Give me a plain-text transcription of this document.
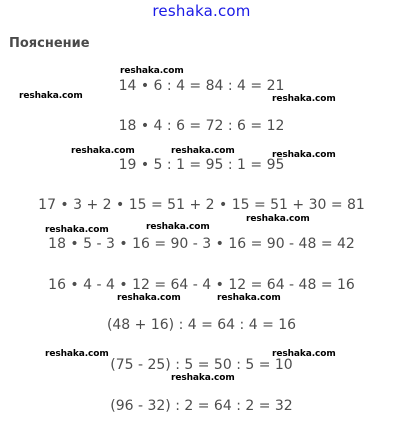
reshaka.com
Пояснение
14 • 6 : 4 = 84 : 4 = 21
18 • 4 : 6 = 72 : 6 = 12
19 • 5 : 1 = 95 : 1 = 95
17 • 3 + 2 • 15 = 51 + 2 • 15 = 51 + 30 = 81
18 • 5 - 3 • 16 = 90 - 3 • 16 = 90 - 48 = 42
16 • 4 - 4 • 12 = 64 - 4 • 12 = 64 - 48 = 16
(48 + 16) : 4 = 64 : 4 = 16
(75 - 25) : 5 = 50 : 5 = 10
(96 - 32) : 2 = 64 : 2 = 32
reshaka.com
reshaka.com	reshaka.com
reshaka.com	reshaka.com	reshaka.com
reshaka.com	reshaka.com
reshaka.com
reshaka.com	reshaka.com
reshaka.com	reshaka.com
reshaka.com
